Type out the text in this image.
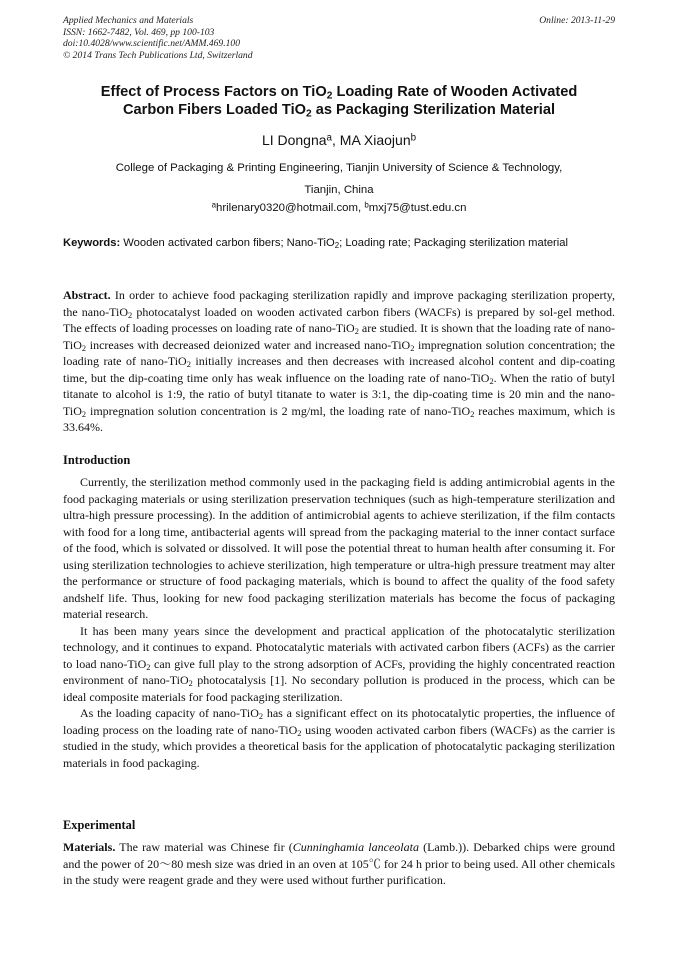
Applied Mechanics and Materials
ISSN: 1662-7482, Vol. 469, pp 100-103
doi:10.4028/www.scientific.net/AMM.469.100
© 2014 Trans Tech Publications Ltd, Switzerland
Online: 2013-11-29
Effect of Process Factors on TiO$_2$ Loading Rate of Wooden Activated
Carbon Fibers Loaded TiO$_2$ as Packaging Sterilization Material
LI Dongna$^a$, MA Xiaojun$^b$
College of Packaging & Printing Engineering, Tianjin University of Science & Technology,
Tianjin, China
$^a$hrilenary0320@hotmail.com, $^b$mxj75@tust.edu.cn
Keywords: Wooden activated carbon fibers; Nano-TiO$_2$; Loading rate; Packaging sterilization material

Abstract. In order to achieve food packaging sterilization rapidly and improve packaging sterilization property, the nano-TiO$_2$ photocatalyst loaded on wooden activated carbon fibers (WACFs) is prepared by sol-gel method. The effects of loading processes on loading rate of nano-TiO$_2$ are studied. It is shown that the loading rate of nano-TiO$_2$ increases with decreased deionized water and increased nano-TiO$_2$ impregnation solution concentration; the loading rate of nano-TiO$_2$ initially increases and then decreases with increased alcohol content and dip-coating time, but the dip-coating time only has weak influence on the loading rate of nano-TiO$_2$. When the ratio of butyl titanate to alcohol is 1:9, the ratio of butyl titanate to water is 3:1, the dip-coating time is 20 min and the nano-TiO$_2$ impregnation solution concentration is 2 mg/ml, the loading rate of nano-TiO$_2$ reaches maximum, which is 33.64%.

Introduction

Currently, the sterilization method commonly used in the packaging field is adding antimicrobial agents in the food packaging materials or using sterilization preservation techniques (such as high-temperature sterilization and ultra-high pressure processing). In the addition of antimicrobial agents to achieve sterilization, if the film contacts with food for a long time, antibacterial agents will spread from the packaging material to the inner contact surface of the food, which is solvated or dissolved. It will pose the potential threat to human health after consuming it. For using sterilization technologies to achieve sterilization, high temperature or ultra-high pressure treatment may alter the performance or structure of food packaging materials, which is bound to affect the quality of the food safety andshelf life. Thus, looking for new food packaging sterilization materials has become the focus of packaging material research.

It has been many years since the development and practical application of the photocatalytic sterilization technology, and it continues to expand. Photocatalytic materials with activated carbon fibers (ACFs) as the carrier to load nano-TiO$_2$ can give full play to the strong adsorption of ACFs, providing the highly concentrated reaction environment of nano-TiO$_2$ photocatalysis [1]. No secondary pollution is produced in the process, which can be ideal composite materials for food packaging sterilization.

As the loading capacity of nano-TiO$_2$ has a significant effect on its photocatalytic properties, the influence of loading process on the loading rate of nano-TiO$_2$ using wooden activated carbon fibers (WACFs) as the carrier is studied in the study, which provides a theoretical basis for the application of photocatalytic packaging sterilization materials in food packaging.

Experimental

Materials. The raw material was Chinese fir (Cunninghamia lanceolata (Lamb.)). Debarked chips were ground and the power of 20～80 mesh size was dried in an oven at 105℃ for 24 h prior to being used. All other chemicals in the study were reagent grade and they were used without further purification.
